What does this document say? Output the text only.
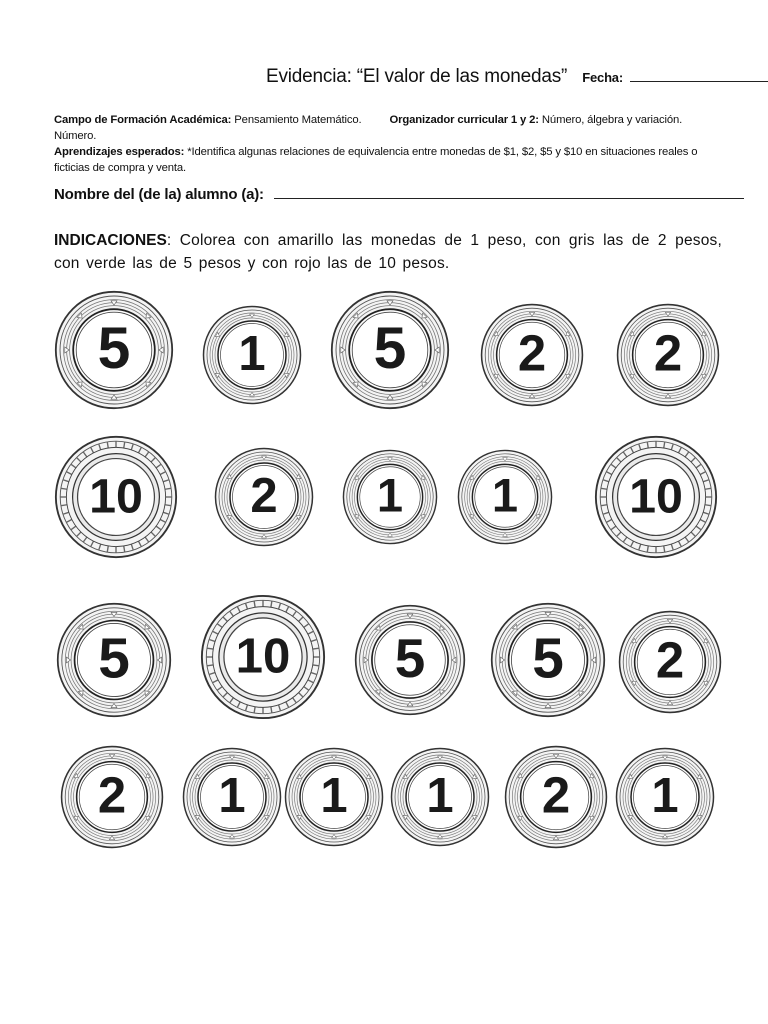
Evidencia: “El valor de las monedas” Fecha:
Campo de Formación Académica: Pensamiento Matemático. Organizador curricular 1 y 2: Número, álgebra y variación. Número.
Aprendizajes esperados: *Identifica algunas relaciones de equivalencia entre monedas de $1, $2, $5 y $10 en situaciones reales o ficticias de compra y venta.
Nombre del (de la) alumno (a):
INDICACIONES: Colorea con amarillo las monedas de 1 peso, con gris las de 2 pesos, con verde las de 5 pesos y con rojo las de 10 pesos.
5 1 5 2 2
10 2 1 1 10
5 10 5 5 2
2 1 1 1 2 1
